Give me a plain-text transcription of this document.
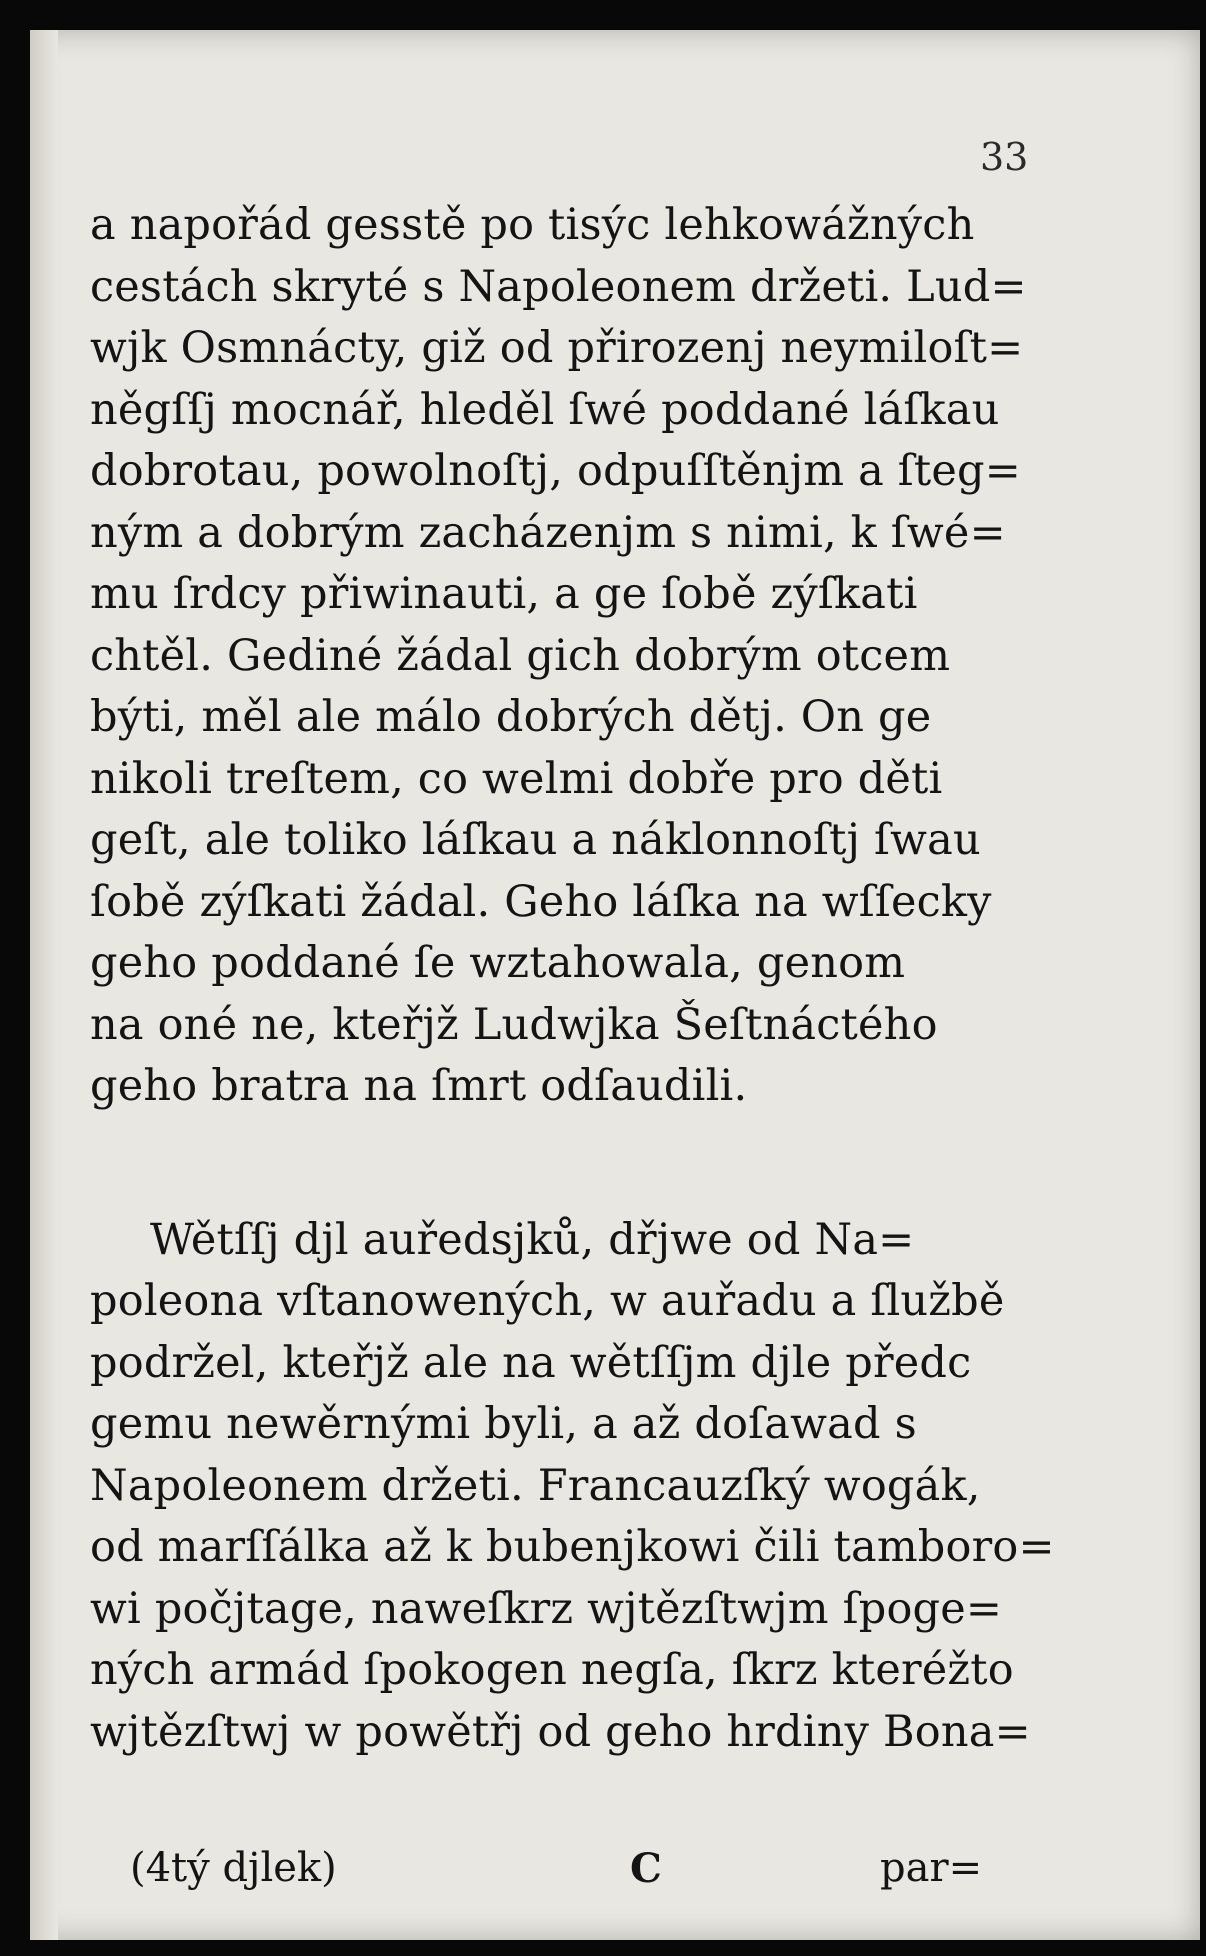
33
a napořád gesstě po tisýc lehkowážných
cestách skryté s Napoleonem držeti. Lud=
wjk Osmnácty, giž od přirozenj neymiloſt=
něgſſj mocnář, hleděl ſwé poddané láſkau
dobrotau, powolnoſtj, odpuſſtěnjm a ſteg=
ným a dobrým zacházenjm s nimi, k ſwé=
mu ſrdcy přiwinauti, a ge ſobě zýſkati
chtěl. Gediné žádal gich dobrým otcem
býti, měl ale málo dobrých dětj. On ge
nikoli treſtem, co welmi dobře pro děti
geſt, ale toliko láſkau a náklonnoſtj ſwau
ſobě zýſkati žádal. Geho láſka na wſſecky
geho poddané ſe wztahowala, genom
na oné ne, kteřjž Ludwjka Šeſtnáctého
geho bratra na ſmrt odſaudili.
Wětſſj djl auředsjků, dřjwe od Na=
poleona vſtanowených, w auřadu a ſlužbě
podržel, kteřjž ale na wětſſjm djle předc
gemu newěrnými byli, a až doſawad s
Napoleonem držeti. Francauzſký wogák,
od marſſálka až k bubenjkowi čili tamboro=
wi počjtage, naweſkrz wjtězſtwjm ſpoge=
ných armád ſpokogen negſa, ſkrz kteréžto
wjtězſtwj w powětřj od geho hrdiny Bona=
(4tý djlek)	C	par=
